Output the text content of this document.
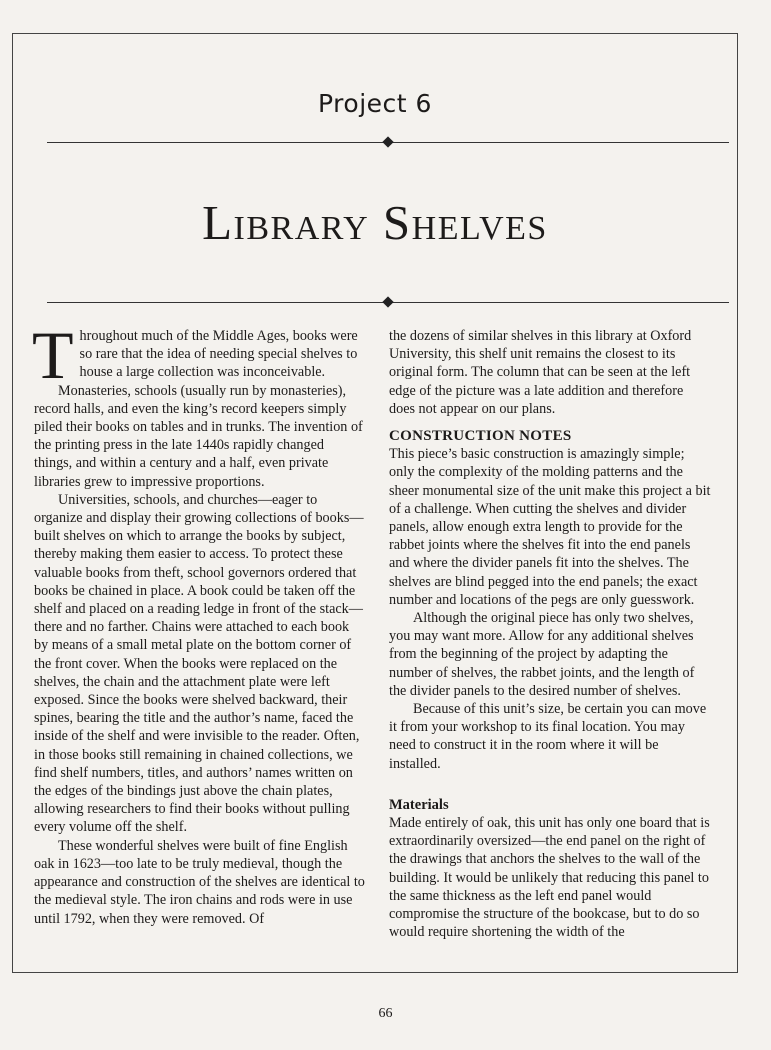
Project 6
Library Shelves

Throughout much of the Middle Ages, books were so rare that the idea of needing special shelves to house a large collection was inconceivable.

Monasteries, schools (usually run by monasteries), record halls, and even the king’s record keepers simply piled their books on tables and in trunks. The invention of the printing press in the late 1440s rapidly changed things, and within a century and a half, even private libraries grew to impressive proportions.

Universities, schools, and churches—eager to organize and display their growing collections of books—built shelves on which to arrange the books by subject, thereby making them easier to access. To protect these valuable books from theft, school governors ordered that books be chained in place. A book could be taken off the shelf and placed on a reading ledge in front of the stack—there and no farther. Chains were attached to each book by means of a small metal plate on the bottom corner of the front cover. When the books were replaced on the shelves, the chain and the attachment plate were left exposed. Since the books were shelved backward, their spines, bearing the title and the author’s name, faced the inside of the shelf and were invisible to the reader. Often, in those books still remaining in chained collections, we find shelf numbers, titles, and authors’ names written on the edges of the bindings just above the chain plates, allowing researchers to find their books without pulling every volume off the shelf.

These wonderful shelves were built of fine English oak in 1623—too late to be truly medieval, though the appearance and construction of the shelves are identical to the medieval style. The iron chains and rods were in use until 1792, when they were removed. Of

the dozens of similar shelves in this library at Oxford University, this shelf unit remains the closest to its original form. The column that can be seen at the left edge of the picture was a late addition and therefore does not appear on our plans.

CONSTRUCTION NOTES

This piece’s basic construction is amazingly simple; only the complexity of the molding patterns and the sheer monumental size of the unit make this project a bit of a challenge. When cutting the shelves and divider panels, allow enough extra length to provide for the rabbet joints where the shelves fit into the end panels and where the divider panels fit into the shelves. The shelves are blind pegged into the end panels; the exact number and locations of the pegs are only guesswork.

Although the original piece has only two shelves, you may want more. Allow for any additional shelves from the beginning of the project by adapting the number of shelves, the rabbet joints, and the length of the divider panels to the desired number of shelves.

Because of this unit’s size, be certain you can move it from your workshop to its final location. You may need to construct it in the room where it will be installed.

Materials

Made entirely of oak, this unit has only one board that is extraordinarily oversized—the end panel on the right of the drawings that anchors the shelves to the wall of the building. It would be unlikely that reducing this panel to the same thickness as the left end panel would compromise the structure of the bookcase, but to do so would require shortening the width of the

66
